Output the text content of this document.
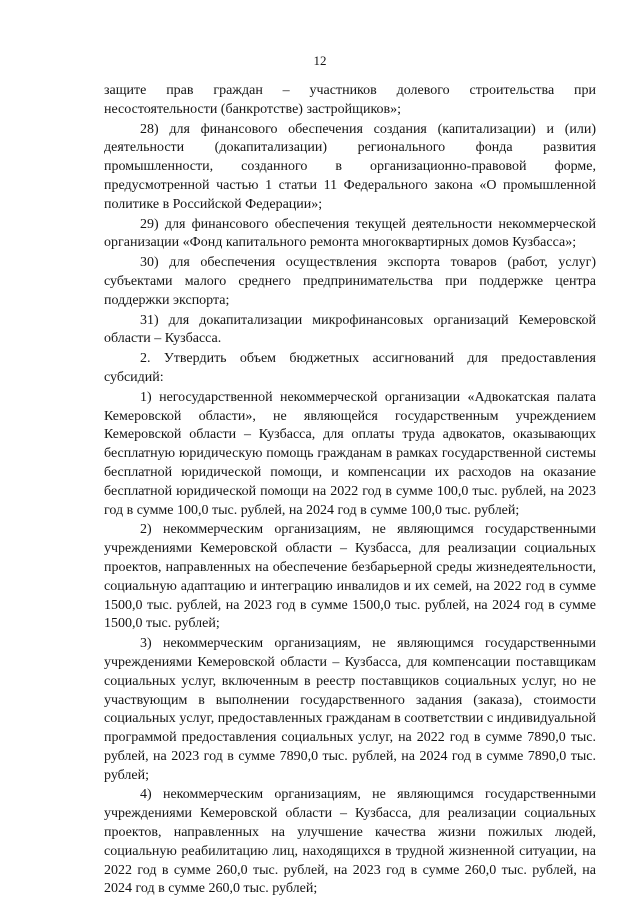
12

защите прав граждан – участников долевого строительства при несостоятельности (банкротстве) застройщиков»;

28) для финансового обеспечения создания (капитализации) и (или) деятельности (докапитализации) регионального фонда развития промышленности, созданного в организационно-правовой форме, предусмотренной частью 1 статьи 11 Федерального закона «О промышленной политике в Российской Федерации»;

29) для финансового обеспечения текущей деятельности некоммерческой организации «Фонд капитального ремонта многоквартирных домов Кузбасса»;

30) для обеспечения осуществления экспорта товаров (работ, услуг) субъектами малого среднего предпринимательства при поддержке центра поддержки экспорта;

31) для докапитализации микрофинансовых организаций Кемеровской области – Кузбасса.

2. Утвердить объем бюджетных ассигнований для предоставления субсидий:

1) негосударственной некоммерческой организации «Адвокатская палата Кемеровской области», не являющейся государственным учреждением Кемеровской области – Кузбасса, для оплаты труда адвокатов, оказывающих бесплатную юридическую помощь гражданам в рамках государственной системы бесплатной юридической помощи, и компенсации их расходов на оказание бесплатной юридической помощи на 2022 год в сумме 100,0 тыс. рублей, на 2023 год в сумме 100,0 тыс. рублей, на 2024 год в сумме 100,0 тыс. рублей;

2) некоммерческим организациям, не являющимся государственными учреждениями Кемеровской области – Кузбасса, для реализации социальных проектов, направленных на обеспечение безбарьерной среды жизнедеятельности, социальную адаптацию и интеграцию инвалидов и их семей, на 2022 год в сумме 1500,0 тыс. рублей, на 2023 год в сумме 1500,0 тыс. рублей, на 2024 год в сумме 1500,0 тыс. рублей;

3) некоммерческим организациям, не являющимся государственными учреждениями Кемеровской области – Кузбасса, для компенсации поставщикам социальных услуг, включенным в реестр поставщиков социальных услуг, но не участвующим в выполнении государственного задания (заказа), стоимости социальных услуг, предоставленных гражданам в соответствии с индивидуальной программой предоставления социальных услуг, на 2022 год в сумме 7890,0 тыс. рублей, на 2023 год в сумме 7890,0 тыс. рублей, на 2024 год в сумме 7890,0 тыс. рублей;

4) некоммерческим организациям, не являющимся государственными учреждениями Кемеровской области – Кузбасса, для реализации социальных проектов, направленных на улучшение качества жизни пожилых людей, социальную реабилитацию лиц, находящихся в трудной жизненной ситуации, на 2022 год в сумме 260,0 тыс. рублей, на 2023 год в сумме 260,0 тыс. рублей, на 2024 год в сумме 260,0 тыс. рублей;
